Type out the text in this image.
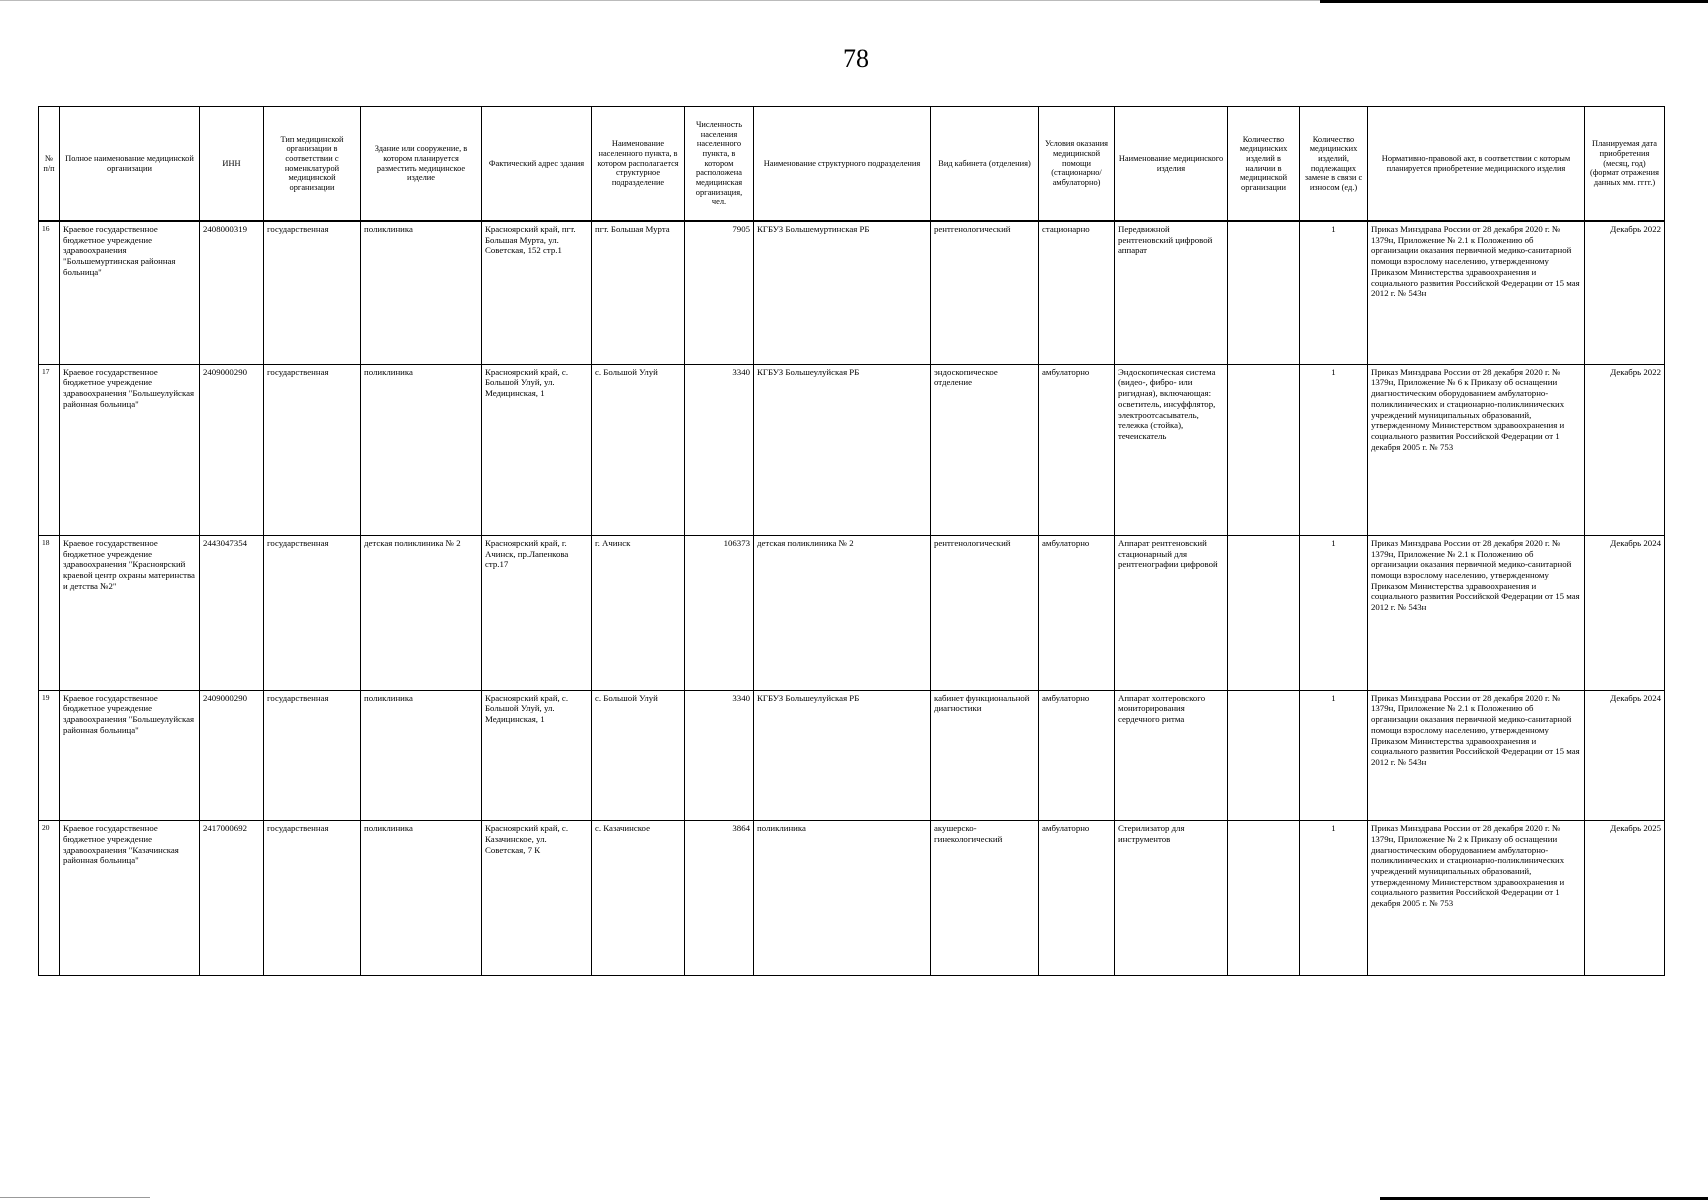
78
№ п/п	Полное наименование медицинской организации	ИНН	Тип медицинской организации в соответствии с номенклатурой медицинской организации	Здание или сооружение, в котором планируется разместить медицинское изделие	Фактический адрес здания	Наименование населенного пункта, в котором располагается структурное подразделение	Численность населения населенного пункта, в котором расположена медицинская организация, чел.	Наименование структурного подразделения	Вид кабинета (отделения)	Условия оказания медицинской помощи (стационарно/ амбулаторно)	Наименование медицинского изделия	Количество медицинских изделий в наличии в медицинской организации	Количество медицинских изделий, подлежащих замене в связи с износом (ед.)	Нормативно-правовой акт, в соответствии с которым планируется приобретение медицинского изделия	Планируемая дата приобретения (месяц, год) (формат отражения данных мм. гггг.)
16	Краевое государственное бюджетное учреждение здравоохранения "Большемуртинская районная больница"	2408000319	государственная	поликлиника	Красноярский край, пгт. Большая Мурта, ул. Советская, 152 стр.1	пгт. Большая Мурта	7905	КГБУЗ Большемуртинская РБ	рентгенологический	стационарно	Передвижной рентгеновский цифровой аппарат		1	Приказ Минздрава России от 28 декабря 2020 г. № 1379н, Приложение № 2.1 к Положению об организации оказания первичной медико-санитарной помощи взрослому населению, утвержденному Приказом Министерства здравоохранения и социального развития Российской Федерации от 15 мая 2012 г. № 543н	Декабрь 2022
17	Краевое государственное бюджетное учреждение здравоохранения "Большеулуйская районная больница"	2409000290	государственная	поликлиника	Красноярский край, с. Большой Улуй, ул. Медицинская, 1	с. Большой Улуй	3340	КГБУЗ Большеулуйская РБ	эндоскопическое отделение	амбулаторно	Эндоскопическая система (видео-, фибро- или ригидная), включающая: осветитель, инсуффлятор, электроотсасыватель, тележка (стойка), течеискатель		1	Приказ Минздрава России от 28 декабря 2020 г. № 1379н, Приложение № 6 к Приказу об оснащении диагностическим оборудованием амбулаторно-поликлинических и стационарно-поликлинических учреждений муниципальных образований, утвержденному Министерством здравоохранения и социального развития Российской Федерации от 1 декабря 2005 г. № 753	Декабрь 2022
18	Краевое государственное бюджетное учреждение здравоохранения "Красноярский краевой центр охраны материнства и детства №2"	2443047354	государственная	детская поликлиника № 2	Красноярский край, г. Ачинск, пр.Лапенкова стр.17	г. Ачинск	106373	детская поликлиника № 2	рентгенологический	амбулаторно	Аппарат рентгеновский стационарный для рентгенографии цифровой		1	Приказ Минздрава России от 28 декабря 2020 г. № 1379н, Приложение № 2.1 к Положению об организации оказания первичной медико-санитарной помощи взрослому населению, утвержденному Приказом Министерства здравоохранения и социального развития Российской Федерации от 15 мая 2012 г. № 543н	Декабрь 2024
19	Краевое государственное бюджетное учреждение здравоохранения "Большеулуйская районная больница"	2409000290	государственная	поликлиника	Красноярский край, с. Большой Улуй, ул. Медицинская, 1	с. Большой Улуй	3340	КГБУЗ Большеулуйская РБ	кабинет функциональной диагностики	амбулаторно	Аппарат холтеровского мониторирования сердечного ритма		1	Приказ Минздрава России от 28 декабря 2020 г. № 1379н, Приложение № 2.1 к Положению об организации оказания первичной медико-санитарной помощи взрослому населению, утвержденному Приказом Министерства здравоохранения и социального развития Российской Федерации от 15 мая 2012 г. № 543н	Декабрь 2024
20	Краевое государственное бюджетное учреждение здравоохранения "Казачинская районная больница"	2417000692	государственная	поликлиника	Красноярский край, с. Казачинское, ул. Советская, 7 К	с. Казачинское	3864	поликлиника	акушерско-гинекологический	амбулаторно	Стерилизатор для инструментов		1	Приказ Минздрава России от 28 декабря 2020 г. № 1379н, Приложение № 2 к Приказу об оснащении диагностическим оборудованием амбулаторно-поликлинических и стационарно-поликлинических учреждений муниципальных образований, утвержденному Министерством здравоохранения и социального развития Российской Федерации от 1 декабря 2005 г. № 753	Декабрь 2025
